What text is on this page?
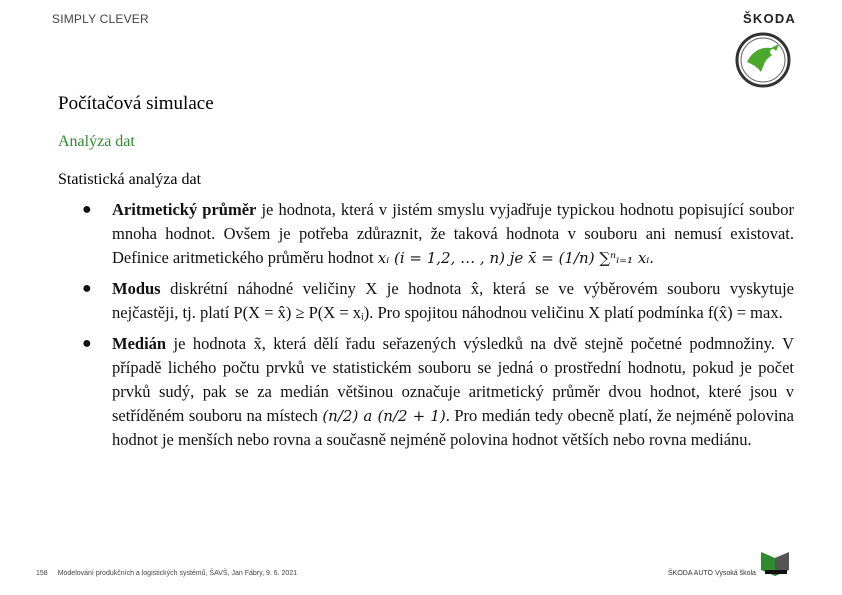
SIMPLY CLEVER	ŠKODA
Počítačová simulace
Analýza dat
Statistická analýza dat
● Aritmetický průměr je hodnota, která v jistém smyslu vyjadřuje typickou hodnotu popisující soubor mnoha hodnot. Ovšem je potřeba zdůraznit, že taková hodnota v souboru ani nemusí existovat. Definice aritmetického průměru hodnot xᵢ (i = 1,2, … , n) je x̄ = (1/n) ∑ⁿᵢ₌₁ xᵢ.
● Modus diskrétní náhodné veličiny X je hodnota x̂, která se ve výběrovém souboru vyskytuje nejčastěji, tj. platí P(X = x̂) ≥ P(X = xᵢ). Pro spojitou náhodnou veličinu X platí podmínka f(x̂) = max.
● Medián je hodnota x̃, která dělí řadu seřazených výsledků na dvě stejně početné podmnožiny. V případě lichého počtu prvků ve statistickém souboru se jedná o prostřední hodnotu, pokud je počet prvků sudý, pak se za medián většinou označuje aritmetický průměr dvou hodnot, které jsou v setříděném souboru na místech (n/2) a (n/2 + 1). Pro medián tedy obecně platí, že nejméně polovina hodnot je menších nebo rovna a současně nejméně polovina hodnot větších nebo rovna mediánu.
158 Modelování produkčních a logistických systémů, ŠAVŠ, Jan Fábry, 9. 6. 2021	ŠKODA AUTO Vysoká škola
